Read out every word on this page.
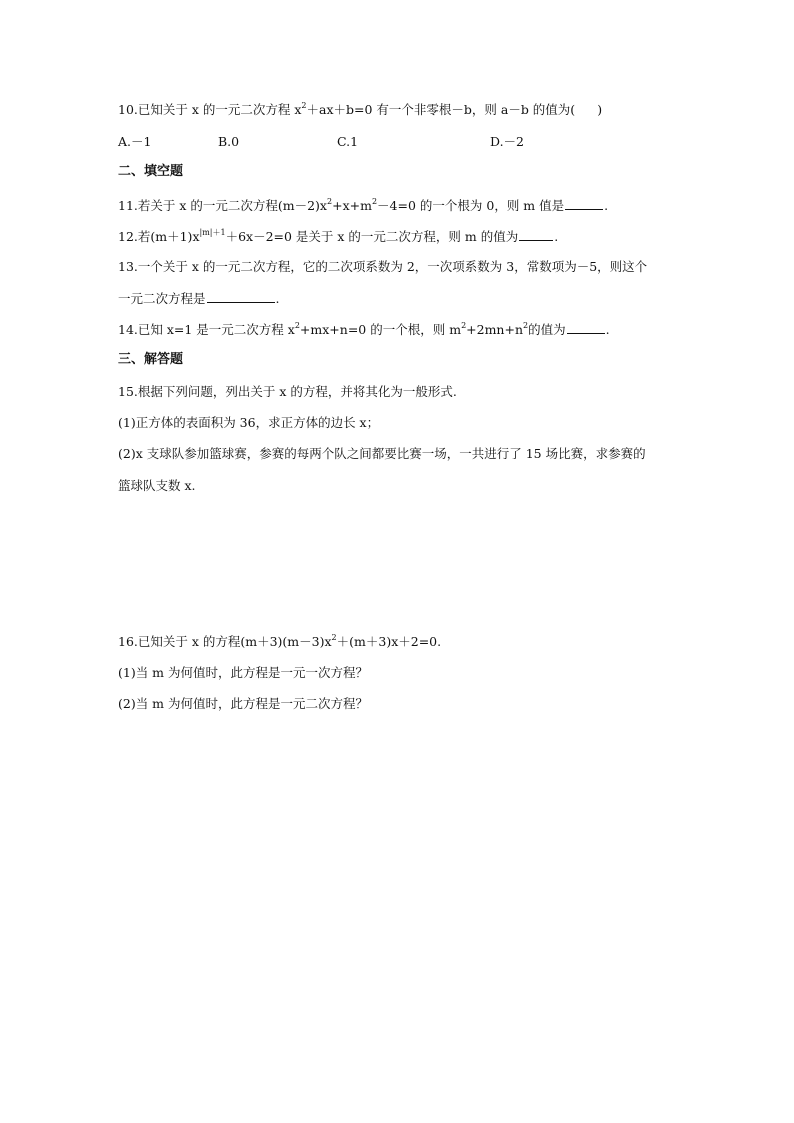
10.已知关于 x 的一元二次方程 $x^2+ax+b=0$ 有一个非零根－b，则 a－b 的值为( )
A.－1	B.0	C.1	D.－2
二、填空题
11.若关于 x 的一元二次方程$(m-2)x^2+x+m^2-4=0$ 的一个根为 0，则 m 值是	.
12.若$(m+1)x^{|m|+1}+6x-2=0$ 是关于 x 的一元二次方程，则 m 的值为	.
13.一个关于 x 的一元二次方程，它的二次项系数为 2，一次项系数为 3，常数项为－5，则这个
一元二次方程是	.
14.已知 x=1 是一元二次方程 $x^2+mx+n=0$ 的一个根，则 $m^2+2mn+n^2$的值为	.
三、解答题
15.根据下列问题，列出关于 x 的方程，并将其化为一般形式.
(1)正方体的表面积为 36，求正方体的边长 x；
(2)x 支球队参加篮球赛，参赛的每两个队之间都要比赛一场，一共进行了 15 场比赛，求参赛的
篮球队支数 x.
16.已知关于 x 的方程$(m+3)(m-3)x^2+(m+3)x+2=0$.
(1)当 m 为何值时，此方程是一元一次方程？
(2)当 m 为何值时，此方程是一元二次方程？
